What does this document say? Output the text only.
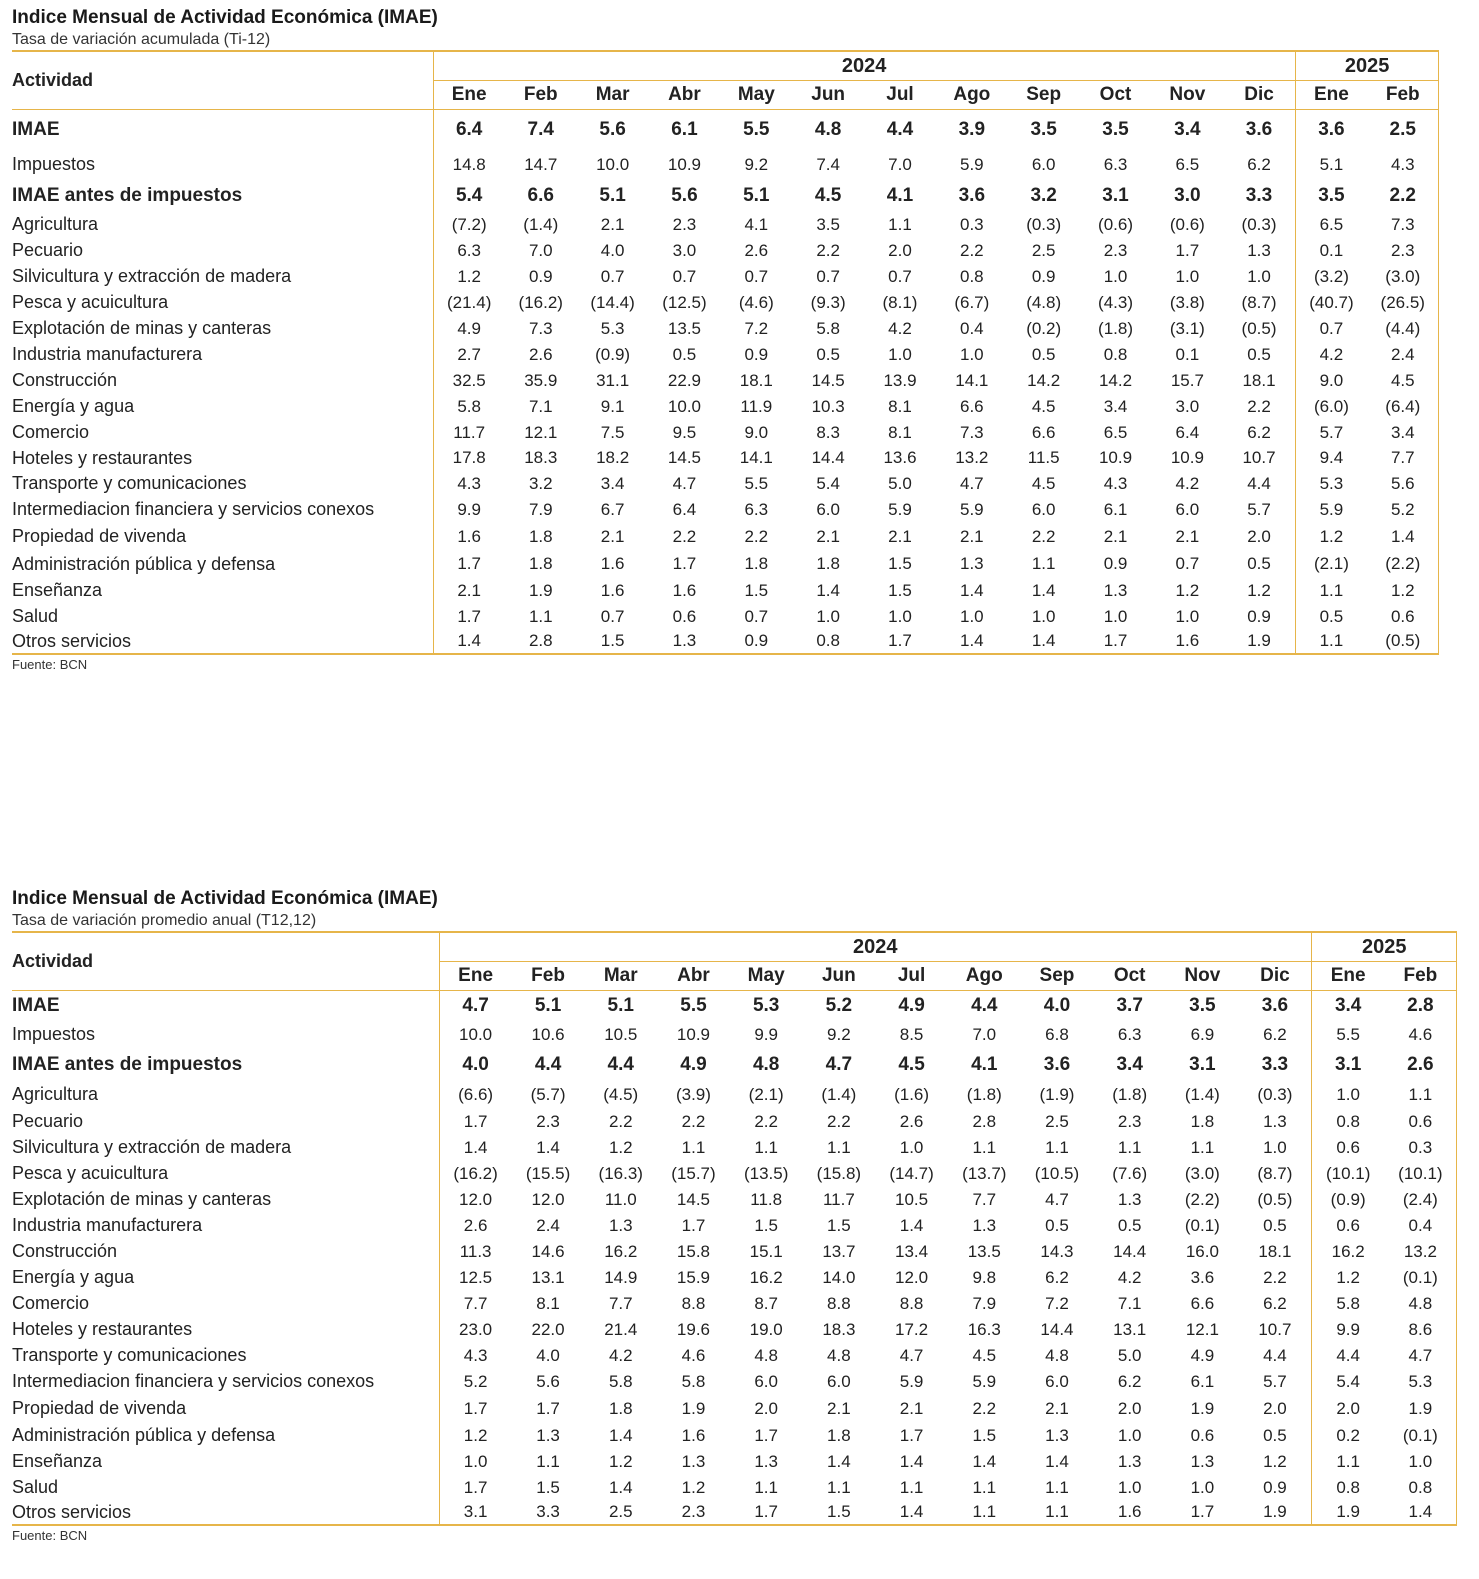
Indice Mensual de Actividad Económica (IMAE)
Tasa de variación acumulada (Ti-12)
Actividad	2024												2025	
	Ene	Feb	Mar	Abr	May	Jun	Jul	Ago	Sep	Oct	Nov	Dic	Ene	Feb
IMAE	6.4	7.4	5.6	6.1	5.5	4.8	4.4	3.9	3.5	3.5	3.4	3.6	3.6	2.5
Impuestos	14.8	14.7	10.0	10.9	9.2	7.4	7.0	5.9	6.0	6.3	6.5	6.2	5.1	4.3
IMAE antes de impuestos	5.4	6.6	5.1	5.6	5.1	4.5	4.1	3.6	3.2	3.1	3.0	3.3	3.5	2.2
Agricultura	(7.2)	(1.4)	2.1	2.3	4.1	3.5	1.1	0.3	(0.3)	(0.6)	(0.6)	(0.3)	6.5	7.3
Pecuario	6.3	7.0	4.0	3.0	2.6	2.2	2.0	2.2	2.5	2.3	1.7	1.3	0.1	2.3
Silvicultura y extracción de madera	1.2	0.9	0.7	0.7	0.7	0.7	0.7	0.8	0.9	1.0	1.0	1.0	(3.2)	(3.0)
Pesca y acuicultura	(21.4)	(16.2)	(14.4)	(12.5)	(4.6)	(9.3)	(8.1)	(6.7)	(4.8)	(4.3)	(3.8)	(8.7)	(40.7)	(26.5)
Explotación de minas y canteras	4.9	7.3	5.3	13.5	7.2	5.8	4.2	0.4	(0.2)	(1.8)	(3.1)	(0.5)	0.7	(4.4)
Industria manufacturera	2.7	2.6	(0.9)	0.5	0.9	0.5	1.0	1.0	0.5	0.8	0.1	0.5	4.2	2.4
Construcción	32.5	35.9	31.1	22.9	18.1	14.5	13.9	14.1	14.2	14.2	15.7	18.1	9.0	4.5
Energía y agua	5.8	7.1	9.1	10.0	11.9	10.3	8.1	6.6	4.5	3.4	3.0	2.2	(6.0)	(6.4)
Comercio	11.7	12.1	7.5	9.5	9.0	8.3	8.1	7.3	6.6	6.5	6.4	6.2	5.7	3.4
Hoteles y restaurantes	17.8	18.3	18.2	14.5	14.1	14.4	13.6	13.2	11.5	10.9	10.9	10.7	9.4	7.7
Transporte y comunicaciones	4.3	3.2	3.4	4.7	5.5	5.4	5.0	4.7	4.5	4.3	4.2	4.4	5.3	5.6
Intermediacion financiera y servicios conexos	9.9	7.9	6.7	6.4	6.3	6.0	5.9	5.9	6.0	6.1	6.0	5.7	5.9	5.2
Propiedad de vivenda	1.6	1.8	2.1	2.2	2.2	2.1	2.1	2.1	2.2	2.1	2.1	2.0	1.2	1.4
Administración pública y defensa	1.7	1.8	1.6	1.7	1.8	1.8	1.5	1.3	1.1	0.9	0.7	0.5	(2.1)	(2.2)
Enseñanza	2.1	1.9	1.6	1.6	1.5	1.4	1.5	1.4	1.4	1.3	1.2	1.2	1.1	1.2
Salud	1.7	1.1	0.7	0.6	0.7	1.0	1.0	1.0	1.0	1.0	1.0	0.9	0.5	0.6
Otros servicios	1.4	2.8	1.5	1.3	0.9	0.8	1.7	1.4	1.4	1.7	1.6	1.9	1.1	(0.5)
Fuente: BCN
Indice Mensual de Actividad Económica (IMAE)
Tasa de variación promedio anual (T12,12)
Actividad	2024												2025	
	Ene	Feb	Mar	Abr	May	Jun	Jul	Ago	Sep	Oct	Nov	Dic	Ene	Feb
IMAE	4.7	5.1	5.1	5.5	5.3	5.2	4.9	4.4	4.0	3.7	3.5	3.6	3.4	2.8
Impuestos	10.0	10.6	10.5	10.9	9.9	9.2	8.5	7.0	6.8	6.3	6.9	6.2	5.5	4.6
IMAE antes de impuestos	4.0	4.4	4.4	4.9	4.8	4.7	4.5	4.1	3.6	3.4	3.1	3.3	3.1	2.6
Agricultura	(6.6)	(5.7)	(4.5)	(3.9)	(2.1)	(1.4)	(1.6)	(1.8)	(1.9)	(1.8)	(1.4)	(0.3)	1.0	1.1
Pecuario	1.7	2.3	2.2	2.2	2.2	2.2	2.6	2.8	2.5	2.3	1.8	1.3	0.8	0.6
Silvicultura y extracción de madera	1.4	1.4	1.2	1.1	1.1	1.1	1.0	1.1	1.1	1.1	1.1	1.0	0.6	0.3
Pesca y acuicultura	(16.2)	(15.5)	(16.3)	(15.7)	(13.5)	(15.8)	(14.7)	(13.7)	(10.5)	(7.6)	(3.0)	(8.7)	(10.1)	(10.1)
Explotación de minas y canteras	12.0	12.0	11.0	14.5	11.8	11.7	10.5	7.7	4.7	1.3	(2.2)	(0.5)	(0.9)	(2.4)
Industria manufacturera	2.6	2.4	1.3	1.7	1.5	1.5	1.4	1.3	0.5	0.5	(0.1)	0.5	0.6	0.4
Construcción	11.3	14.6	16.2	15.8	15.1	13.7	13.4	13.5	14.3	14.4	16.0	18.1	16.2	13.2
Energía y agua	12.5	13.1	14.9	15.9	16.2	14.0	12.0	9.8	6.2	4.2	3.6	2.2	1.2	(0.1)
Comercio	7.7	8.1	7.7	8.8	8.7	8.8	8.8	7.9	7.2	7.1	6.6	6.2	5.8	4.8
Hoteles y restaurantes	23.0	22.0	21.4	19.6	19.0	18.3	17.2	16.3	14.4	13.1	12.1	10.7	9.9	8.6
Transporte y comunicaciones	4.3	4.0	4.2	4.6	4.8	4.8	4.7	4.5	4.8	5.0	4.9	4.4	4.4	4.7
Intermediacion financiera y servicios conexos	5.2	5.6	5.8	5.8	6.0	6.0	5.9	5.9	6.0	6.2	6.1	5.7	5.4	5.3
Propiedad de vivenda	1.7	1.7	1.8	1.9	2.0	2.1	2.1	2.2	2.1	2.0	1.9	2.0	2.0	1.9
Administración pública y defensa	1.2	1.3	1.4	1.6	1.7	1.8	1.7	1.5	1.3	1.0	0.6	0.5	0.2	(0.1)
Enseñanza	1.0	1.1	1.2	1.3	1.3	1.4	1.4	1.4	1.4	1.3	1.3	1.2	1.1	1.0
Salud	1.7	1.5	1.4	1.2	1.1	1.1	1.1	1.1	1.1	1.0	1.0	0.9	0.8	0.8
Otros servicios	3.1	3.3	2.5	2.3	1.7	1.5	1.4	1.1	1.1	1.6	1.7	1.9	1.9	1.4
Fuente: BCN
